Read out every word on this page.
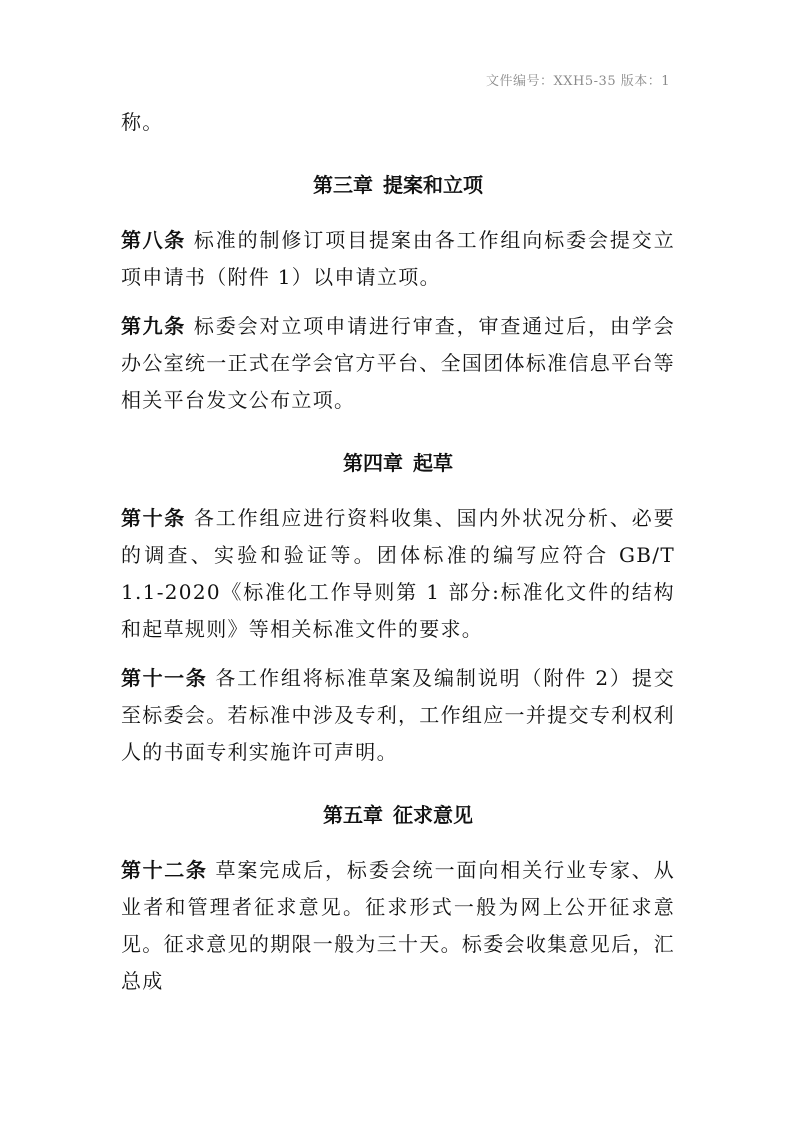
文件编号：XXH5-35 版本：1

称。

第三章 提案和立项

第八条 标准的制修订项目提案由各工作组向标委会提交立项申请书（附件 1）以申请立项。

第九条 标委会对立项申请进行审查，审查通过后，由学会办公室统一正式在学会官方平台、全国团体标准信息平台等相关平台发文公布立项。

第四章 起草

第十条 各工作组应进行资料收集、国内外状况分析、必要的调查、实验和验证等。团体标准的编写应符合 GB/T 1.1-2020《标准化工作导则第 1 部分:标准化文件的结构和起草规则》等相关标准文件的要求。

第十一条 各工作组将标准草案及编制说明（附件 2）提交至标委会。若标准中涉及专利，工作组应一并提交专利权利人的书面专利实施许可声明。

第五章 征求意见

第十二条 草案完成后，标委会统一面向相关行业专家、从业者和管理者征求意见。征求形式一般为网上公开征求意见。征求意见的期限一般为三十天。标委会收集意见后，汇总成
